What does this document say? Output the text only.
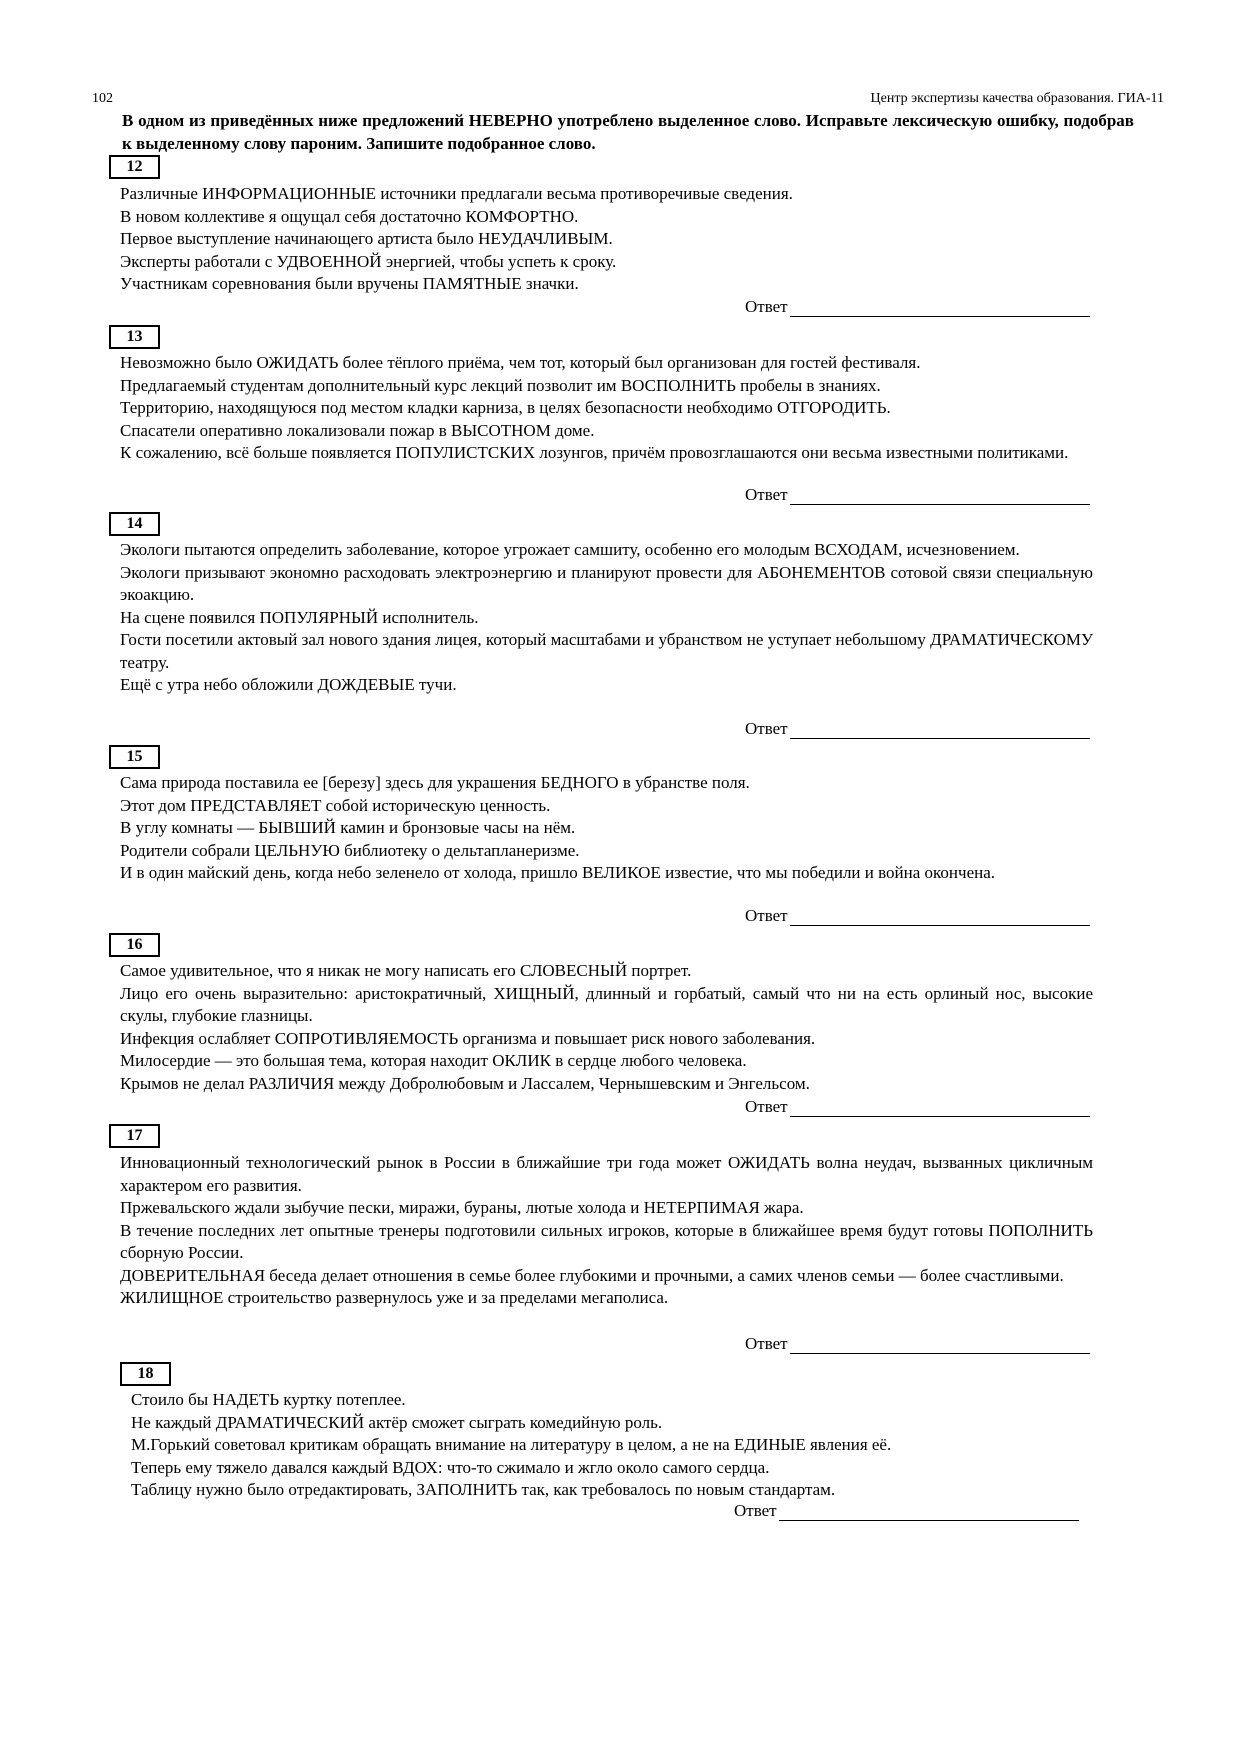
102	Центр экспертизы качества образования. ГИА-11
В одном из приведённых ниже предложений НЕВЕРНО употреблено выделенное слово. Исправьте лексическую ошибку, подобрав к выделенному слову пароним. Запишите подобранное слово.
12
Различные ИНФОРМАЦИОННЫЕ источники предлагали весьма противоречивые сведения.
В новом коллективе я ощущал себя достаточно КОМФОРТНО.
Первое выступление начинающего артиста было НЕУДАЧЛИВЫМ.
Эксперты работали с УДВОЕННОЙ энергией, чтобы успеть к сроку.
Участникам соревнования были вручены ПАМЯТНЫЕ значки.
Ответ
13
Невозможно было ОЖИДАТЬ более тёплого приёма, чем тот, который был организован для гостей фестиваля.
Предлагаемый студентам дополнительный курс лекций позволит им ВОСПОЛНИТЬ пробелы в знаниях.
Территорию, находящуюся под местом кладки карниза, в целях безопасности необходимо ОТГОРОДИТЬ.
Спасатели оперативно локализовали пожар в ВЫСОТНОМ доме.
К сожалению, всё больше появляется ПОПУЛИСТСКИХ лозунгов, причём провозглашаются они весьма известными политиками.
Ответ
14
Экологи пытаются определить заболевание, которое угрожает самшиту, особенно его молодым ВСХОДАМ, исчезновением.
Экологи призывают экономно расходовать электроэнергию и планируют провести для АБОНЕМЕНТОВ сотовой связи специальную экоакцию.
На сцене появился ПОПУЛЯРНЫЙ исполнитель.
Гости посетили актовый зал нового здания лицея, который масштабами и убранством не уступает небольшому ДРАМАТИЧЕСКОМУ театру.
Ещё с утра небо обложили ДОЖДЕВЫЕ тучи.
Ответ
15
Сама природа поставила ее [березу] здесь для украшения БЕДНОГО в убранстве поля.
Этот дом ПРЕДСТАВЛЯЕТ собой историческую ценность.
В углу комнаты — БЫВШИЙ камин и бронзовые часы на нём.
Родители собрали ЦЕЛЬНУЮ библиотеку о дельтапланеризме.
И в один майский день, когда небо зеленело от холода, пришло ВЕЛИКОЕ известие, что мы победили и война окончена.
Ответ
16
Самое удивительное, что я никак не могу написать его СЛОВЕСНЫЙ портрет.
Лицо его очень выразительно: аристократичный, ХИЩНЫЙ, длинный и горбатый, самый что ни на есть орлиный нос, высокие скулы, глубокие глазницы.
Инфекция ослабляет СОПРОТИВЛЯЕМОСТЬ организма и повышает риск нового заболевания.
Милосердие — это большая тема, которая находит ОКЛИК в сердце любого человека.
Крымов не делал РАЗЛИЧИЯ между Добролюбовым и Лассалем, Чернышевским и Энгельсом.
Ответ
17
Инновационный технологический рынок в России в ближайшие три года может ОЖИДАТЬ волна неудач, вызванных цикличным характером его развития.
Пржевальского ждали зыбучие пески, миражи, бураны, лютые холода и НЕТЕРПИМАЯ жара.
В течение последних лет опытные тренеры подготовили сильных игроков, которые в ближайшее время будут готовы ПОПОЛНИТЬ сборную России.
ДОВЕРИТЕЛЬНАЯ беседа делает отношения в семье более глубокими и прочными, а самих членов семьи — более счастливыми.
ЖИЛИЩНОЕ строительство развернулось уже и за пределами мегаполиса.
Ответ
18
Стоило бы НАДЕТЬ куртку потеплее.
Не каждый ДРАМАТИЧЕСКИЙ актёр сможет сыграть комедийную роль.
М.Горький советовал критикам обращать внимание на литературу в целом, а не на ЕДИНЫЕ явления её.
Теперь ему тяжело давался каждый ВДОХ: что-то сжимало и жгло около самого сердца.
Таблицу нужно было отредактировать, ЗАПОЛНИТЬ так, как требовалось по новым стандартам.
Ответ
